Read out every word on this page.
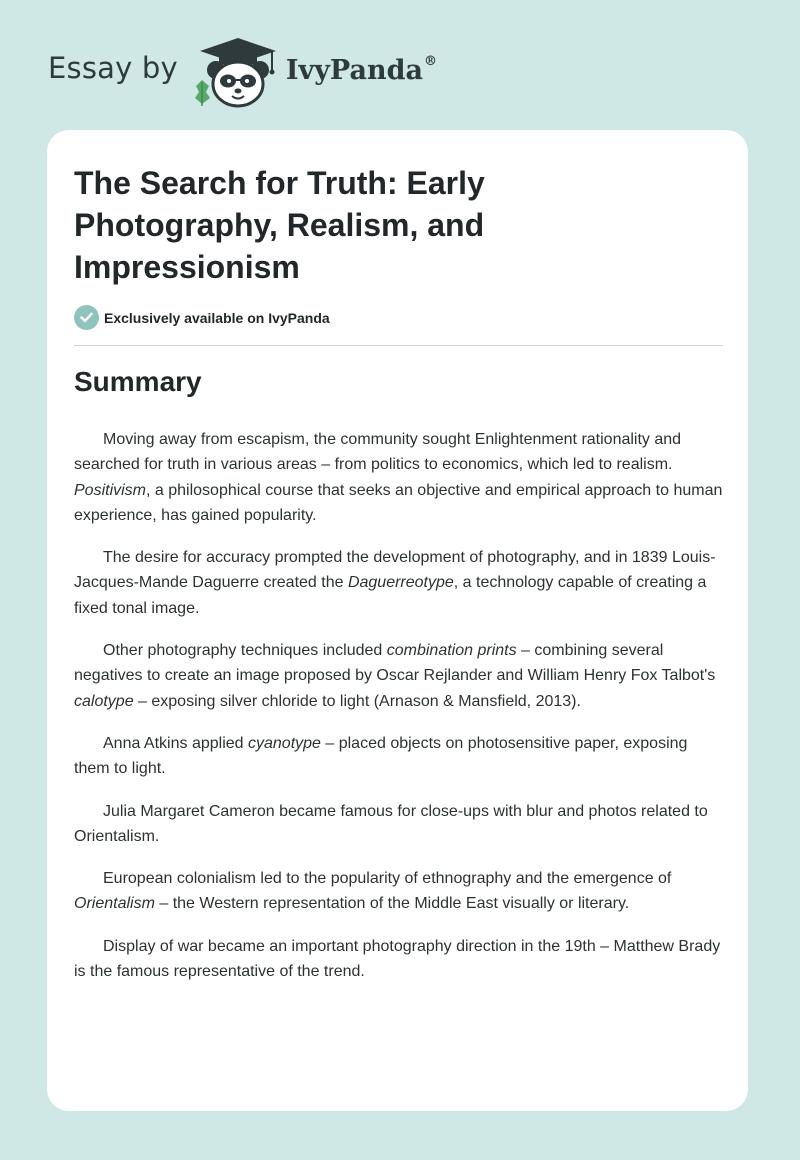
Essay by	IvyPanda®
The Search for Truth: Early Photography, Realism, and Impressionism
Exclusively available on IvyPanda
Summary

Moving away from escapism, the community sought Enlightenment rationality and searched for truth in various areas – from politics to economics, which led to realism. Positivism, a philosophical course that seeks an objective and empirical approach to human experience, has gained popularity.

The desire for accuracy prompted the development of photography, and in 1839 Louis-Jacques-Mande Daguerre created the Daguerreotype, a technology capable of creating a fixed tonal image.

Other photography techniques included combination prints – combining several negatives to create an image proposed by Oscar Rejlander and William Henry Fox Talbot's calotype – exposing silver chloride to light (Arnason & Mansfield, 2013).

Anna Atkins applied cyanotype – placed objects on photosensitive paper, exposing them to light.

Julia Margaret Cameron became famous for close-ups with blur and photos related to Orientalism.

European colonialism led to the popularity of ethnography and the emergence of Orientalism – the Western representation of the Middle East visually or literary.

Display of war became an important photography direction in the 19th – Matthew Brady is the famous representative of the trend.
